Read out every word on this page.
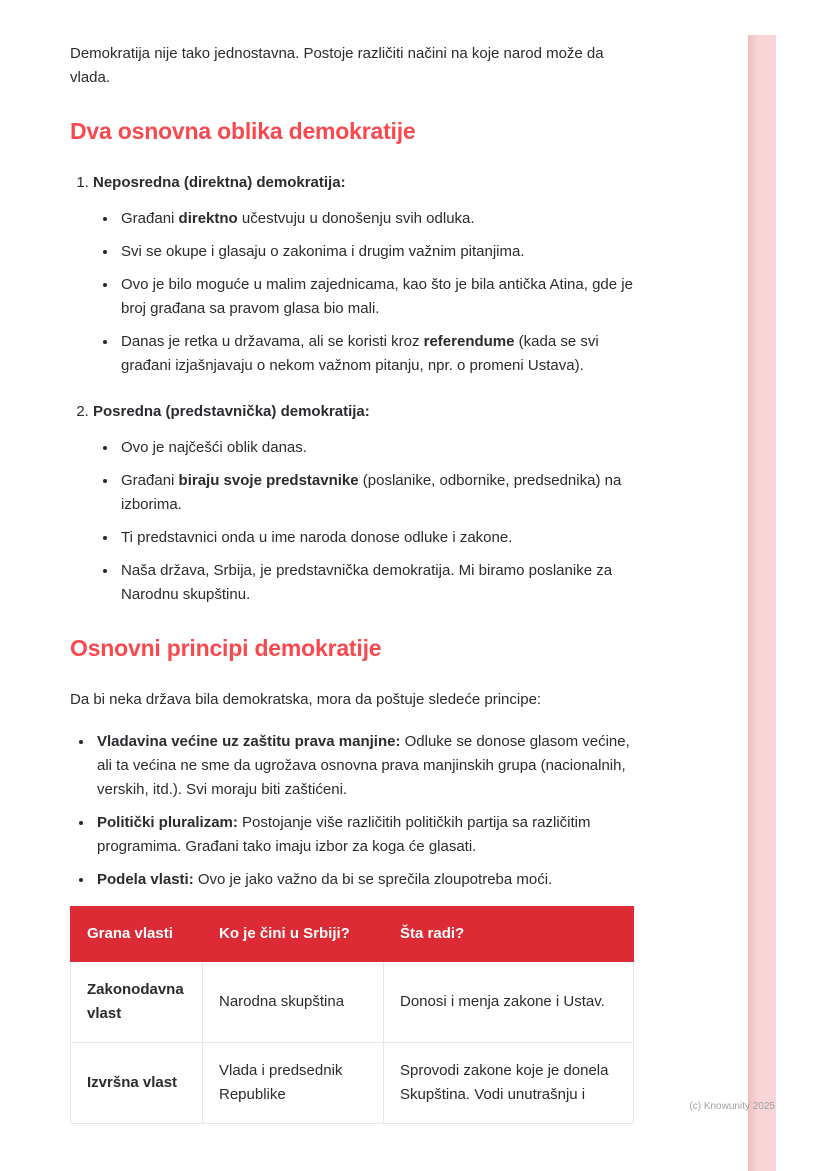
Demokratija nije tako jednostavna. Postoje različiti načini na koje narod može da vlada.

Dva osnovna oblika demokratije
1. Neposredna (direktna) demokratija:
• Građani direktno učestvuju u donošenju svih odluka.
• Svi se okupe i glasaju o zakonima i drugim važnim pitanjima.
• Ovo je bilo moguće u malim zajednicama, kao što je bila antička Atina, gde je broj građana sa pravom glasa bio mali.
• Danas je retka u državama, ali se koristi kroz referendume (kada se svi građani izjašnjavaju o nekom važnom pitanju, npr. o promeni Ustava).
2. Posredna (predstavnička) demokratija:
• Ovo je najčešći oblik danas.
• Građani biraju svoje predstavnike (poslanike, odbornike, predsednika) na izborima.
• Ti predstavnici onda u ime naroda donose odluke i zakone.
• Naša država, Srbija, je predstavnička demokratija. Mi biramo poslanike za Narodnu skupštinu.
Osnovni principi demokratije

Da bi neka država bila demokratska, mora da poštuje sledeće principe:

• Vladavina većine uz zaštitu prava manjine: Odluke se donose glasom većine, ali ta većina ne sme da ugrožava osnovna prava manjinskih grupa (nacionalnih, verskih, itd.). Svi moraju biti zaštićeni.
• Politički pluralizam: Postojanje više različitih političkih partija sa različitim programima. Građani tako imaju izbor za koga će glasati.
• Podela vlasti: Ovo je jako važno da bi se sprečila zloupotreba moći.
Grana vlasti	Ko je čini u Srbiji?	Šta radi?
Zakonodavna vlast	Narodna skupština	Donosi i menja zakone i Ustav.
Izvršna vlast	Vlada i predsednik Republike	Sprovodi zakone koje je donela Skupština. Vodi unutrašnju i
(c) Knowunity 2025
